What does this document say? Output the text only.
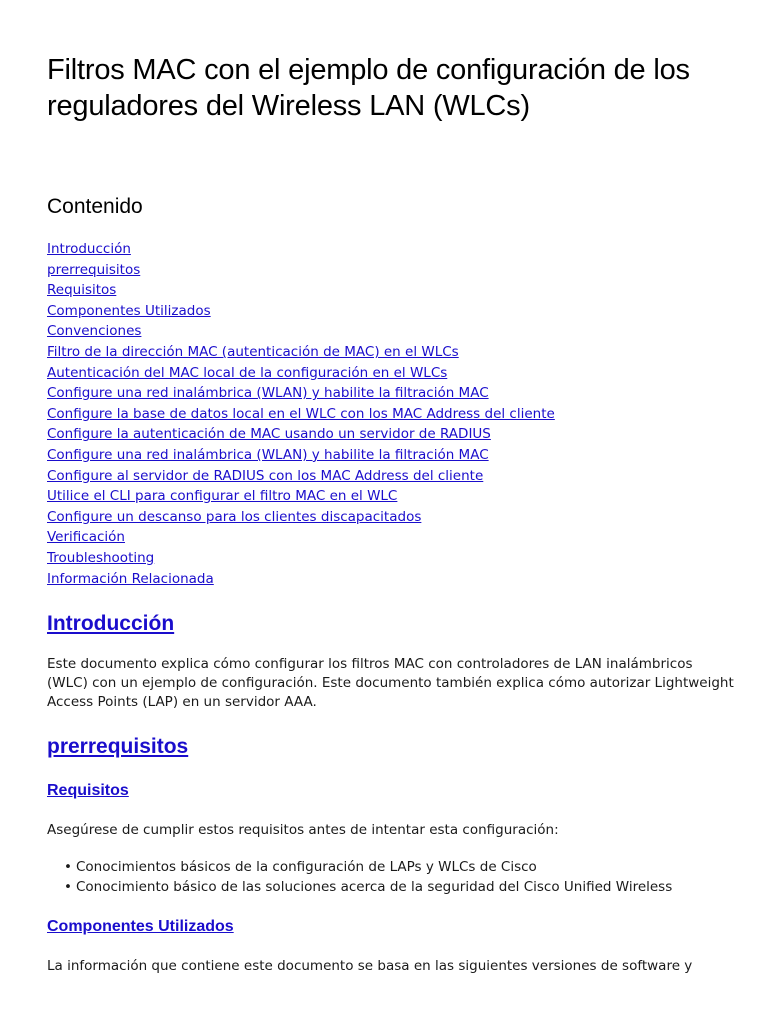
Filtros MAC con el ejemplo de configuración de los reguladores del Wireless LAN (WLCs)
Contenido
Introducción
prerrequisitos
Requisitos
Componentes Utilizados
Convenciones
Filtro de la dirección MAC (autenticación de MAC) en el WLCs
Autenticación del MAC local de la configuración en el WLCs
Configure una red inalámbrica (WLAN) y habilite la filtración MAC
Configure la base de datos local en el WLC con los MAC Address del cliente
Configure la autenticación de MAC usando un servidor de RADIUS
Configure una red inalámbrica (WLAN) y habilite la filtración MAC
Configure al servidor de RADIUS con los MAC Address del cliente
Utilice el CLI para configurar el filtro MAC en el WLC
Configure un descanso para los clientes discapacitados
Verificación
Troubleshooting
Información Relacionada
Introducción

Este documento explica cómo configurar los filtros MAC con controladores de LAN inalámbricos (WLC) con un ejemplo de configuración. Este documento también explica cómo autorizar Lightweight Access Points (LAP) en un servidor AAA.

prerrequisitos
Requisitos

Asegúrese de cumplir estos requisitos antes de intentar esta configuración:

• Conocimientos básicos de la configuración de LAPs y WLCs de Cisco
• Conocimiento básico de las soluciones acerca de la seguridad del Cisco Unified Wireless
Componentes Utilizados

La información que contiene este documento se basa en las siguientes versiones de software y
